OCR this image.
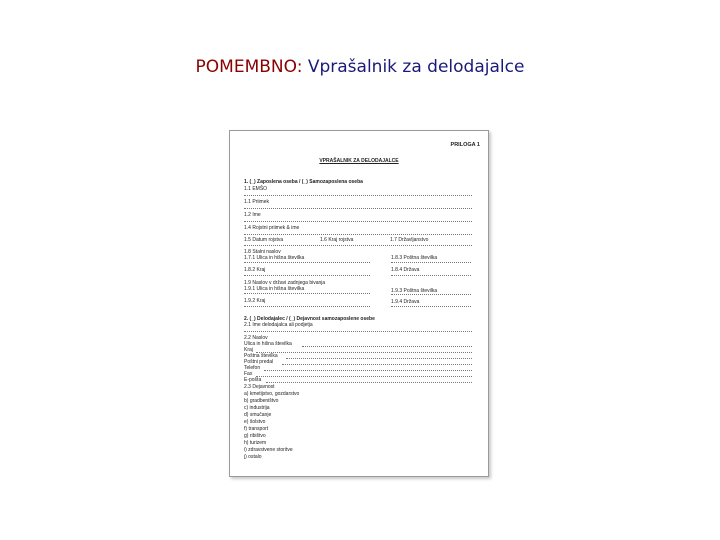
POMEMBNO: Vprašalnik za delodajalce
PRILOGA 1
VPRAŠALNIK ZA DELODAJALCE
1. (_) Zaposlena oseba / (_) Samozaposlena oseba
1.1 EMŠO
1.1 Priimek
1.2 Ime
1.4 Rojstni priimek & ime
1.5 Datum rojstva	1.6 Kraj rojstva	1.7 Državljanstvo
1.8 Stalni naslov
1.7.1 Ulica in hišna številka	1.8.3 Poštna številka
1.8.2 Kraj	1.8.4 Država
1.9 Naslov v državi zadnjega bivanja
1.9.1 Ulica in hišna številka	1.9.3 Poštna številka
1.9.2 Kraj	1.9.4 Država
2. (_) Delodajalec / (_) Dejavnost samozaposlene osebe
2.1 Ime delodajalca ali podjetja
2.2 Naslov
Ulica in hišna številka
Kraj
Poštna številka
Poštni predal
Telefon
Fax
E-pošta
2.3 Dejavnost
a) kmetijstvo, gozdarstvo
b) gradbeništvo
c) industrija
d) smučanje
e) šolstvo
f) transport
g) ribištvo
h) turizem
i) zdravstvene storitve
j) ostalo
